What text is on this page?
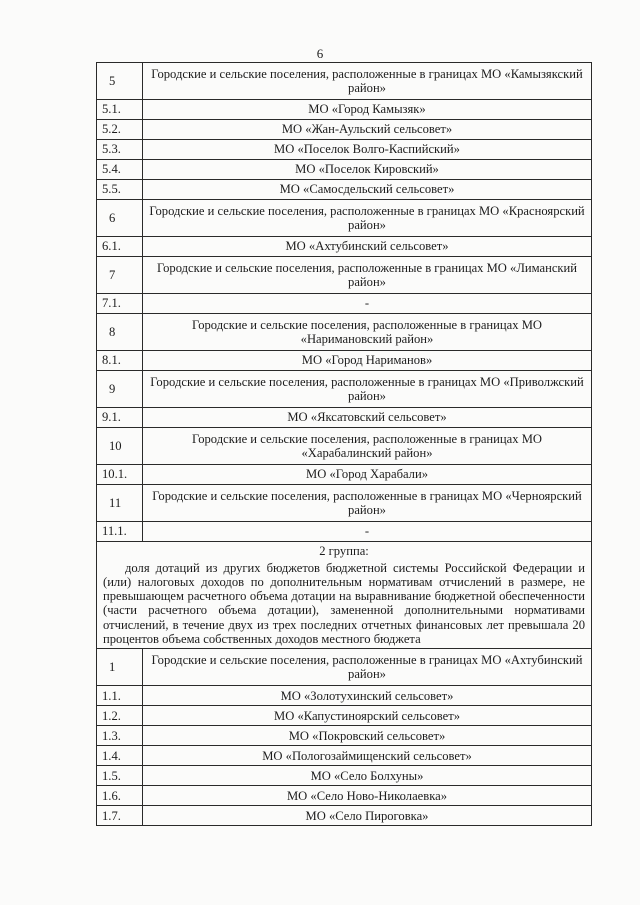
6
5	Городские и сельские поселения, расположенные в границах МО «Камызякский район»
5.1.	МО «Город Камызяк»
5.2.	МО «Жан-Аульский сельсовет»
5.3.	МО «Поселок Волго-Каспийский»
5.4.	МО «Поселок Кировский»
5.5.	МО «Самосдельский сельсовет»
6	Городские и сельские поселения, расположенные в границах МО «Красноярский район»
6.1.	МО «Ахтубинский сельсовет»
7	Городские и сельские поселения, расположенные в границах МО «Лиманский район»
7.1.	-
8	Городские и сельские поселения, расположенные в границах МО «Наримановский район»
8.1.	МО «Город Нариманов»
9	Городские и сельские поселения, расположенные в границах МО «Приволжский район»
9.1.	МО «Яксатовский сельсовет»
10	Городские и сельские поселения, расположенные в границах МО «Харабалинский район»
10.1.	МО «Город Харабали»
11	Городские и сельские поселения, расположенные в границах МО «Черноярский район»
11.1.	-

2 группа:
доля дотаций из других бюджетов бюджетной системы Российской Федерации и (или) налоговых доходов по дополнительным нормативам отчислений в размере, не превышающем расчетного объема дотации на выравнивание бюджетной обеспеченности (части расчетного объема дотации), замененной дополнительными нормативами отчислений, в течение двух из трех последних отчетных финансовых лет превышала 20 процентов объема собственных доходов местного бюджета	

1	Городские и сельские поселения, расположенные в границах МО «Ахтубинский район»
1.1.	МО «Золотухинский сельсовет»
1.2.	МО «Капустиноярский сельсовет»
1.3.	МО «Покровский сельсовет»
1.4.	МО «Пологозаймищенский сельсовет»
1.5.	МО «Село Болхуны»
1.6.	МО «Село Ново-Николаевка»
1.7.	МО «Село Пироговка»
